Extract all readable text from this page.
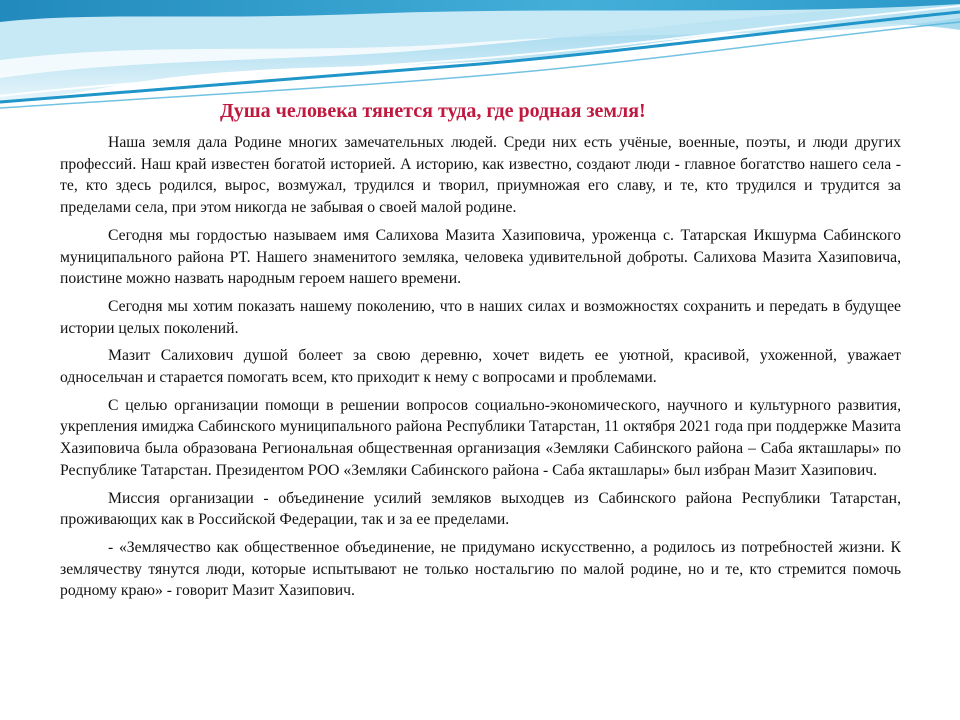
Душа человека тянется туда, где родная земля!

Наша земля дала Родине многих замечательных людей. Среди них есть учёные, военные, поэты, и люди других профессий. Наш край известен богатой историей. А историю, как известно, создают люди - главное богатство нашего села - те, кто здесь родился, вырос, возмужал, трудился и творил, приумножая его славу, и те, кто трудился и трудится за пределами села, при этом никогда не забывая о своей малой родине.

Сегодня мы гордостью называем имя Салихова Мазита Хазиповича, уроженца с. Татарская Икшурма Сабинского муниципального района РТ. Нашего знаменитого земляка, человека удивительной доброты. Салихова Мазита Хазиповича, поистине можно назвать народным героем нашего времени.

Сегодня мы хотим показать нашему поколению, что в наших силах и возможностях сохранить и передать в будущее истории целых поколений.

Мазит Салихович душой болеет за свою деревню, хочет видеть ее уютной, красивой, ухоженной, уважает односельчан и старается помогать всем, кто приходит к нему с вопросами и проблемами.

С целью организации помощи в решении вопросов социально-экономического, научного и культурного развития, укрепления имиджа Сабинского муниципального района Республики Татарстан, 11 октября 2021 года при поддержке Мазита Хазиповича была образована Региональная общественная организация «Земляки Сабинского района – Саба якташлары» по Республике Татарстан. Президентом РОО «Земляки Сабинского района - Саба якташлары» был избран Мазит Хазипович.

Миссия организации - объединение усилий земляков выходцев из Сабинского района Республики Татарстан, проживающих как в Российской Федерации, так и за ее пределами.

- «Землячество как общественное объединение, не придумано искусственно, а родилось из потребностей жизни. К землячеству тянутся люди, которые испытывают не только ностальгию по малой родине, но и те, кто стремится помочь родному краю» - говорит Мазит Хазипович.
